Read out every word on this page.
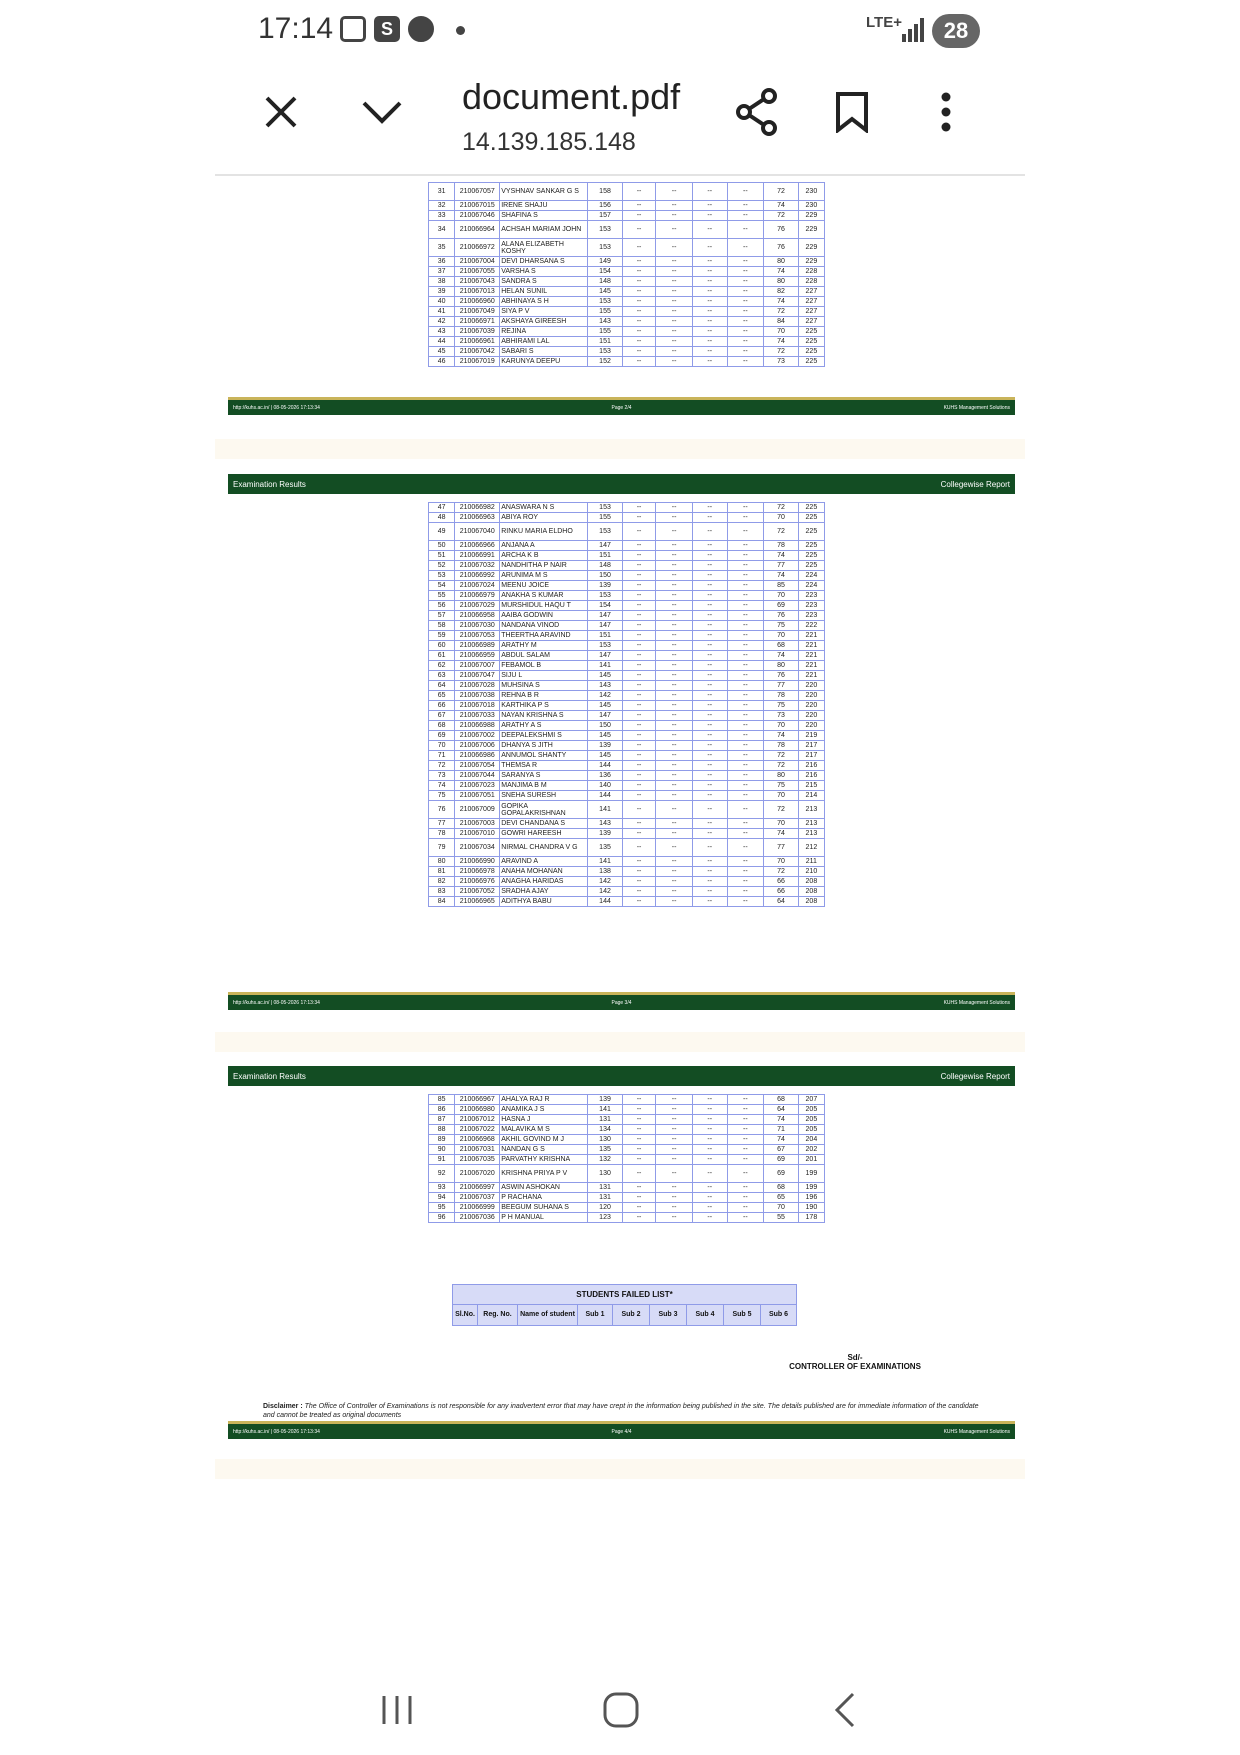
17:14	S	LTE+	28
document.pdf
14.139.185.148
31	210067057	VYSHNAV SANKAR G S	158	--	--	--	--	72	230
32	210067015	IRENE SHAJU	156	--	--	--	--	74	230
33	210067046	SHAFINA S	157	--	--	--	--	72	229
34	210066964	ACHSAH MARIAM JOHN	153	--	--	--	--	76	229
35	210066972	ALANA ELIZABETH KOSHY	153	--	--	--	--	76	229
36	210067004	DEVI DHARSANA S	149	--	--	--	--	80	229
37	210067055	VARSHA S	154	--	--	--	--	74	228
38	210067043	SANDRA S	148	--	--	--	--	80	228
39	210067013	HELAN SUNIL	145	--	--	--	--	82	227
40	210066960	ABHINAYA S H	153	--	--	--	--	74	227
41	210067049	SIYA P V	155	--	--	--	--	72	227
42	210066971	AKSHAYA GIREESH	143	--	--	--	--	84	227
43	210067039	REJINA	155	--	--	--	--	70	225
44	210066961	ABHIRAMI LAL	151	--	--	--	--	74	225
45	210067042	SABARI S	153	--	--	--	--	72	225
46	210067019	KARUNYA DEEPU	152	--	--	--	--	73	225
http://kuhs.ac.in/ | 08-05-2026 17:13:34	Page 2/4	KUHS Management Solutions
Examination Results	Collegewise Report
47	210066982	ANASWARA N S	153	--	--	--	--	72	225
48	210066963	ABIYA ROY	155	--	--	--	--	70	225
49	210067040	RINKU MARIA ELDHO	153	--	--	--	--	72	225
50	210066966	ANJANA A	147	--	--	--	--	78	225
51	210066991	ARCHA K B	151	--	--	--	--	74	225
52	210067032	NANDHITHA P NAIR	148	--	--	--	--	77	225
53	210066992	ARUNIMA M S	150	--	--	--	--	74	224
54	210067024	MEENU JOICE	139	--	--	--	--	85	224
55	210066979	ANAKHA S KUMAR	153	--	--	--	--	70	223
56	210067029	MURSHIDUL HAQU T	154	--	--	--	--	69	223
57	210066958	AAIBA GODWIN	147	--	--	--	--	76	223
58	210067030	NANDANA VINOD	147	--	--	--	--	75	222
59	210067053	THEERTHA ARAVIND	151	--	--	--	--	70	221
60	210066989	ARATHY M	153	--	--	--	--	68	221
61	210066959	ABDUL SALAM	147	--	--	--	--	74	221
62	210067007	FEBAMOL B	141	--	--	--	--	80	221
63	210067047	SIJU L	145	--	--	--	--	76	221
64	210067028	MUHSINA S	143	--	--	--	--	77	220
65	210067038	REHNA B R	142	--	--	--	--	78	220
66	210067018	KARTHIKA P S	145	--	--	--	--	75	220
67	210067033	NAYAN KRISHNA S	147	--	--	--	--	73	220
68	210066988	ARATHY A S	150	--	--	--	--	70	220
69	210067002	DEEPALEKSHMI S	145	--	--	--	--	74	219
70	210067006	DHANYA S JITH	139	--	--	--	--	78	217
71	210066986	ANNUMOL SHANTY	145	--	--	--	--	72	217
72	210067054	THEMSA R	144	--	--	--	--	72	216
73	210067044	SARANYA S	136	--	--	--	--	80	216
74	210067023	MANJIMA B M	140	--	--	--	--	75	215
75	210067051	SNEHA SURESH	144	--	--	--	--	70	214
76	210067009	GOPIKA GOPALAKRISHNAN	141	--	--	--	--	72	213
77	210067003	DEVI CHANDANA S	143	--	--	--	--	70	213
78	210067010	GOWRI HAREESH	139	--	--	--	--	74	213
79	210067034	NIRMAL CHANDRA V G	135	--	--	--	--	77	212
80	210066990	ARAVIND A	141	--	--	--	--	70	211
81	210066978	ANAHA MOHANAN	138	--	--	--	--	72	210
82	210066976	ANAGHA HARIDAS	142	--	--	--	--	66	208
83	210067052	SRADHA AJAY	142	--	--	--	--	66	208
84	210066965	ADITHYA BABU	144	--	--	--	--	64	208
http://kuhs.ac.in/ | 08-05-2026 17:13:34	Page 3/4	KUHS Management Solutions
Examination Results	Collegewise Report
85	210066967	AHALYA RAJ R	139	--	--	--	--	68	207
86	210066980	ANAMIKA J S	141	--	--	--	--	64	205
87	210067012	HASNA J	131	--	--	--	--	74	205
88	210067022	MALAVIKA M S	134	--	--	--	--	71	205
89	210066968	AKHIL GOVIND M J	130	--	--	--	--	74	204
90	210067031	NANDAN G S	135	--	--	--	--	67	202
91	210067035	PARVATHY KRISHNA	132	--	--	--	--	69	201
92	210067020	KRISHNA PRIYA P V	130	--	--	--	--	69	199
93	210066997	ASWIN ASHOKAN	131	--	--	--	--	68	199
94	210067037	P RACHANA	131	--	--	--	--	65	196
95	210066999	BEEGUM SUHANA S	120	--	--	--	--	70	190
96	210067036	P H MANUAL	123	--	--	--	--	55	178
STUDENTS FAILED LIST*
Sl.No.	Reg. No.	Name of student	Sub 1	Sub 2	Sub 3	Sub 4	Sub 5	Sub 6
Sd/-
CONTROLLER OF EXAMINATIONS
Disclaimer : The Office of Controller of Examinations is not responsible for any inadvertent error that may have crept in the information being published in the site. The details published are for immediate information of the candidate and cannot be treated as original documents
http://kuhs.ac.in/ | 08-05-2026 17:13:34	Page 4/4	KUHS Management Solutions
